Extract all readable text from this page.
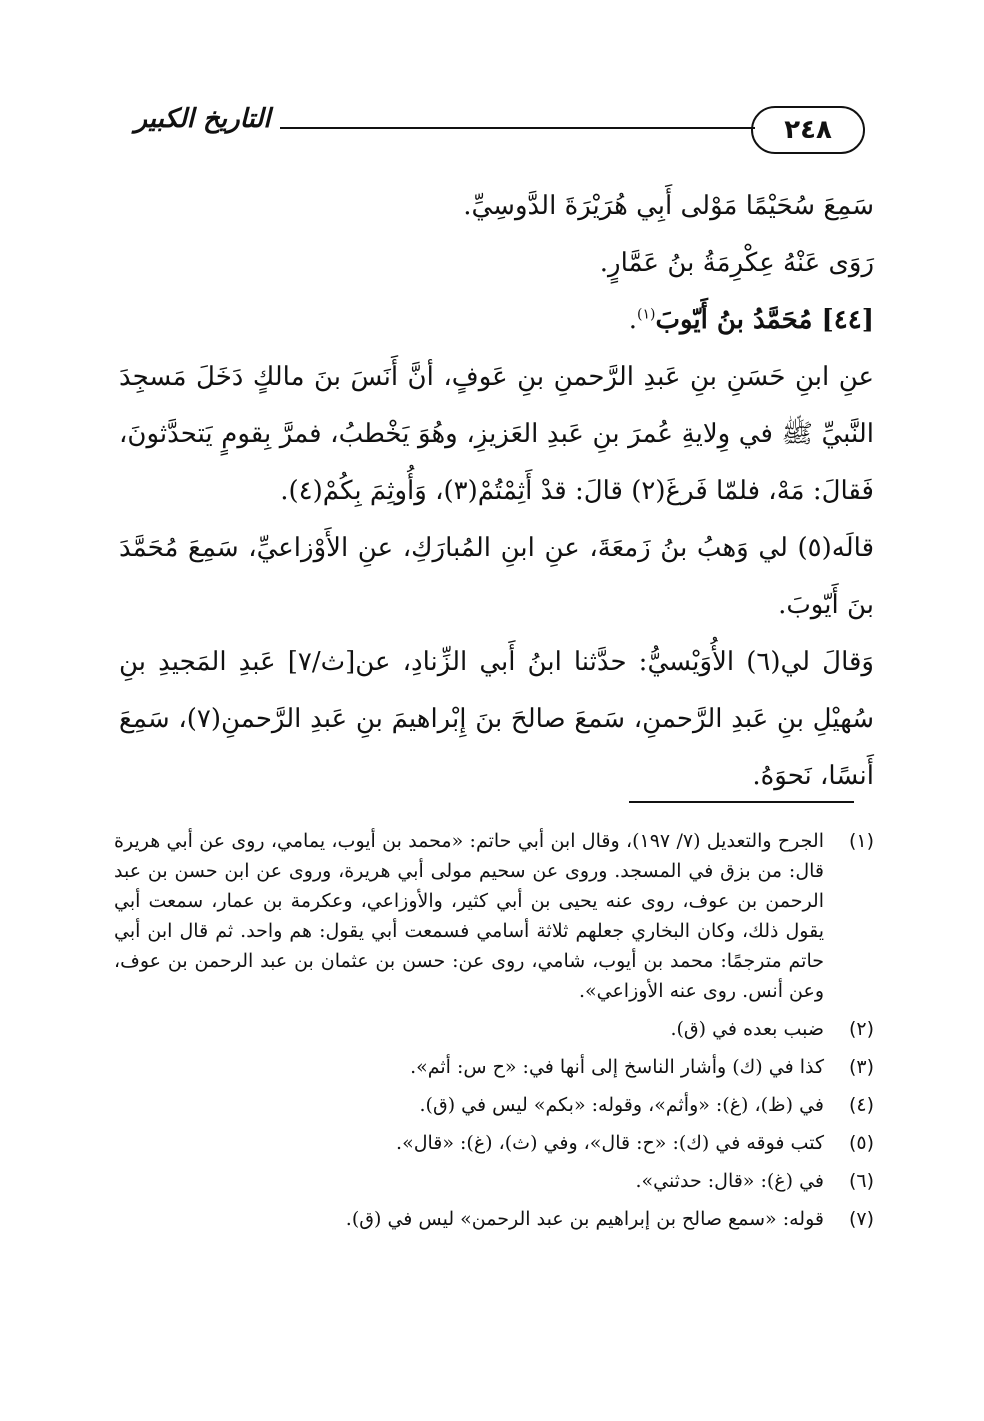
٢٤٨
التاريخ الكبير
سَمِعَ سُحَيْمًا مَوْلى أَبِي هُرَيْرَةَ الدَّوسِيِّ.
رَوَى عَنْهُ عِكْرِمَةُ بنُ عَمَّارٍ.
[٤٤] مُحَمَّدُ بنُ أَيّوبَ$^{(١)}$.
عنِ ابنِ حَسَنِ بنِ عَبدِ الرَّحمنِ بنِ عَوفٍ، أنَّ أَنَسَ بنَ مالكٍ دَخَلَ مَسجِدَ النَّبيِّ ﷺ في وِلايةِ عُمرَ بنِ عَبدِ العَزيزِ، وهُوَ يَخْطبُ، فمرَّ بِقومٍ يَتحدَّثونَ، فَقالَ: مَهْ، فلمّا فَرغَ(٢) قالَ: قدْ أَثِمْتُمْ(٣)، وَأُوثِمَ بِكُمْ(٤).
قالَه(٥) لي وَهبُ بنُ زَمعَةَ، عنِ ابنِ المُبارَكِ، عنِ الأَوْزاعيِّ، سَمِعَ مُحَمَّدَ بنَ أَيّوبَ.
وَقالَ لي(٦) الأُوَيْسيُّ: حدَّثنا ابنُ أَبي الزِّنادِ، عن[ث/٧] عَبدِ المَجيدِ بنِ سُهيْلِ بنِ عَبدِ الرَّحمنِ، سَمعَ صالحَ بنَ إِبْراهيمَ بنِ عَبدِ الرَّحمنِ(٧)، سَمِعَ أَنسًا، نَحوَهُ.
(١)
الجرح والتعديل (٧/ ١٩٧)، وقال ابن أبي حاتم: «محمد بن أيوب، يمامي، روى عن أبي هريرة قال: من بزق في المسجد. وروى عن سحيم مولى أبي هريرة، وروى عن ابن حسن بن عبد الرحمن بن عوف، روى عنه يحيى بن أبي كثير، والأوزاعي، وعكرمة بن عمار، سمعت أبي يقول ذلك، وكان البخاري جعلهم ثلاثة أسامي فسمعت أبي يقول: هم واحد. ثم قال ابن أبي حاتم مترجمًا: محمد بن أيوب، شامي، روى عن: حسن بن عثمان بن عبد الرحمن بن عوف، وعن أنس. روى عنه الأوزاعي».
(٢)
ضبب بعده في (ق).
(٣)
كذا في (ك) وأشار الناسخ إلى أنها في: «ح س: أثم».
(٤)
في (ظ)، (غ): «وأثم»، وقوله: «بكم» ليس في (ق).
(٥)
كتب فوقه في (ك): «ح: قال»، وفي (ث)، (غ): «قال».
(٦)
في (غ): «قال: حدثني».
(٧)
قوله: «سمع صالح بن إبراهيم بن عبد الرحمن» ليس في (ق).
